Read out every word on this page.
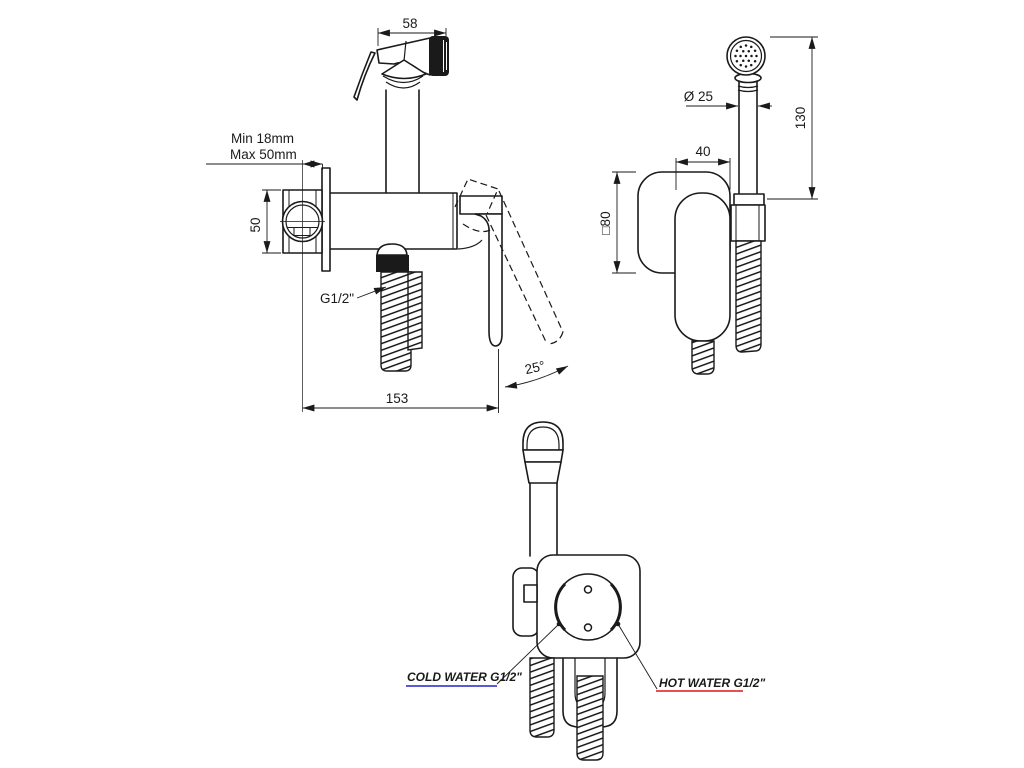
58
Min 18mm
Max 50mm
50
G1/2"
25°
153
Ø 25
130
40
□80
COLD WATER G1/2"	HOT WATER G1/2"
